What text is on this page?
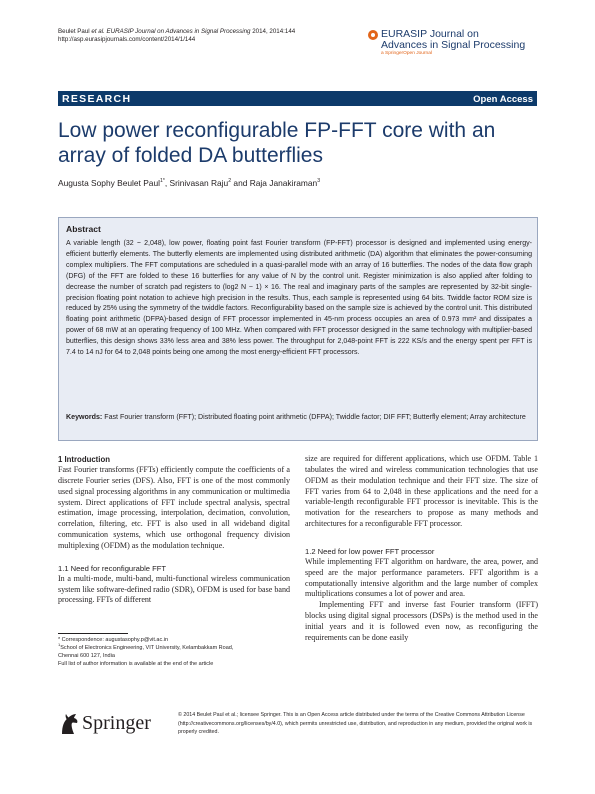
Beulet Paul et al. EURASIP Journal on Advances in Signal Processing 2014, 2014:144
http://asp.eurasipjournals.com/content/2014/1/144	EURASIP Journal on
Advances in Signal Processing
a SpringerOpen Journal
RESEARCH	Open Access
Low power reconfigurable FP-FFT core with an array of folded DA butterflies
Augusta Sophy Beulet Paul$^{1*}$, Srinivasan Raju$^2$ and Raja Janakiraman$^3$
Abstract
A variable length (32 ~ 2,048), low power, floating point fast Fourier transform (FP-FFT) processor is designed and implemented using energy-efficient butterfly elements. The butterfly elements are implemented using distributed arithmetic (DA) algorithm that eliminates the power-consuming complex multipliers. The FFT computations are scheduled in a quasi-parallel mode with an array of 16 butterflies. The nodes of the data flow graph (DFG) of the FFT are folded to these 16 butterflies for any value of N by the control unit. Register minimization is also applied after folding to decrease the number of scratch pad registers to (log2 N − 1) × 16. The real and imaginary parts of the samples are represented by 32-bit single-precision floating point notation to achieve high precision in the results. Thus, each sample is represented using 64 bits. Twiddle factor ROM size is reduced by 25% using the symmetry of the twiddle factors. Reconfigurability based on the sample size is achieved by the control unit. This distributed floating point arithmetic (DFPA)-based design of FFT processor implemented in 45-nm process occupies an area of 0.973 mm² and dissipates a power of 68 mW at an operating frequency of 100 MHz. When compared with FFT processor designed in the same technology with multiplier-based butterflies, this design shows 33% less area and 38% less power. The throughput for 2,048-point FFT is 222 KS/s and the energy spent per FFT is 7.4 to 14 nJ for 64 to 2,048 points being one among the most energy-efficient FFT processors.
Keywords: Fast Fourier transform (FFT); Distributed floating point arithmetic (DFPA); Twiddle factor; DIF FFT; Butterfly element; Array architecture
1 Introduction

Fast Fourier transforms (FFTs) efficiently compute the coefficients of a discrete Fourier series (DFS). Also, FFT is one of the most commonly used signal processing algorithms in any communication or multimedia system. Direct applications of FFT include spectral analysis, spectral estimation, image processing, interpolation, decimation, convolution, correlation, filtering, etc. FFT is also used in all wideband digital communication systems, which use orthogonal frequency division multiplexing (OFDM) as the modulation technique.

1.1 Need for reconfigurable FFT

In a multi-mode, multi-band, multi-functional wireless communication system like software-defined radio (SDR), OFDM is used for base band processing. FFTs of different

size are required for different applications, which use OFDM. Table 1 tabulates the wired and wireless communication technologies that use OFDM as their modulation technique and their FFT size. The size of FFT varies from 64 to 2,048 in these applications and the need for a variable-length reconfigurable FFT processor is inevitable. This is the motivation for the researchers to propose as many methods and architectures for a reconfigurable FFT processor.

1.2 Need for low power FFT processor

While implementing FFT algorithm on hardware, the area, power, and speed are the major performance parameters. FFT algorithm is a computationally intensive algorithm and the large number of complex multiplications consumes a lot of power and area.

Implementing FFT and inverse fast Fourier transform (IFFT) blocks using digital signal processors (DSPs) is the method used in the initial years and it is followed even now, as reconfiguring the requirements can be done easily

* Correspondence: augustasophy.p@vit.ac.in
$^1$School of Electronics Engineering, VIT University, Kelambakkam Road,
Chennai 600 127, India
Full list of author information is available at the end of the article
Springer	© 2014 Beulet Paul et al.; licensee Springer. This is an Open Access article distributed under the terms of the Creative Commons Attribution License (http://creativecommons.org/licenses/by/4.0), which permits unrestricted use, distribution, and reproduction in any medium, provided the original work is properly credited.
